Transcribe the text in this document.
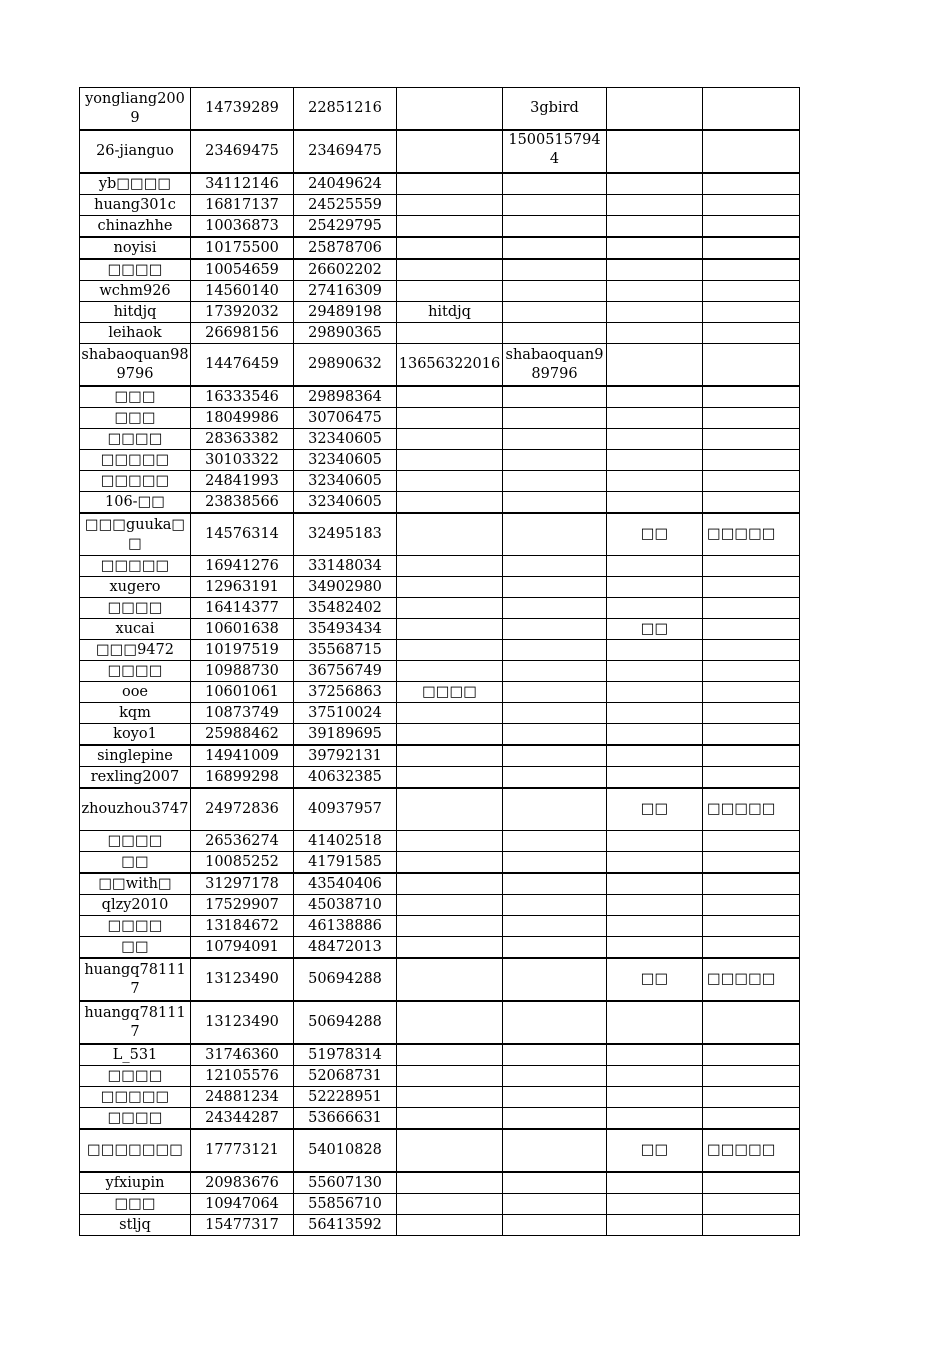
yongliang2009	14739289	22851216		3gbird		
26-jianguo	23469475	23469475		15005157944		
yb□□□□	34112146	24049624				
huang301c	16817137	24525559				
chinazhhe	10036873	25429795				
noyisi	10175500	25878706				
□□□□	10054659	26602202				
wchm926	14560140	27416309				
hitdjq	17392032	29489198	hitdjq			
leihaok	26698156	29890365				
shabaoquan989796	14476459	29890632	13656322016	shabaoquan989796		
□□□	16333546	29898364				
□□□	18049986	30706475				
□□□□	28363382	32340605				
□□□□□	30103322	32340605				
□□□□□	24841993	32340605				
106-□□	23838566	32340605				
□□□guuka□□	14576314	32495183			□□	□□□□□
□□□□□	16941276	33148034				
xugero	12963191	34902980				
□□□□	16414377	35482402				
xucai	10601638	35493434			□□	
□□□9472	10197519	35568715				
□□□□	10988730	36756749				
ooe	10601061	37256863	□□□□			
kqm	10873749	37510024				
koyo1	25988462	39189695				
singlepine	14941009	39792131				
rexling2007	16899298	40632385				
zhouzhou3747	24972836	40937957			□□	□□□□□
□□□□	26536274	41402518				
□□	10085252	41791585				
□□with□	31297178	43540406				
qlzy2010	17529907	45038710				
□□□□	13184672	46138886				
□□	10794091	48472013				
huangq781117	13123490	50694288			□□	□□□□□
huangq781117	13123490	50694288				
L_531	31746360	51978314				
□□□□	12105576	52068731				
□□□□□	24881234	52228951				
□□□□	24344287	53666631				
□□□□□□□	17773121	54010828			□□	□□□□□
yfxiupin	20983676	55607130				
□□□	10947064	55856710				
stljq	15477317	56413592				
